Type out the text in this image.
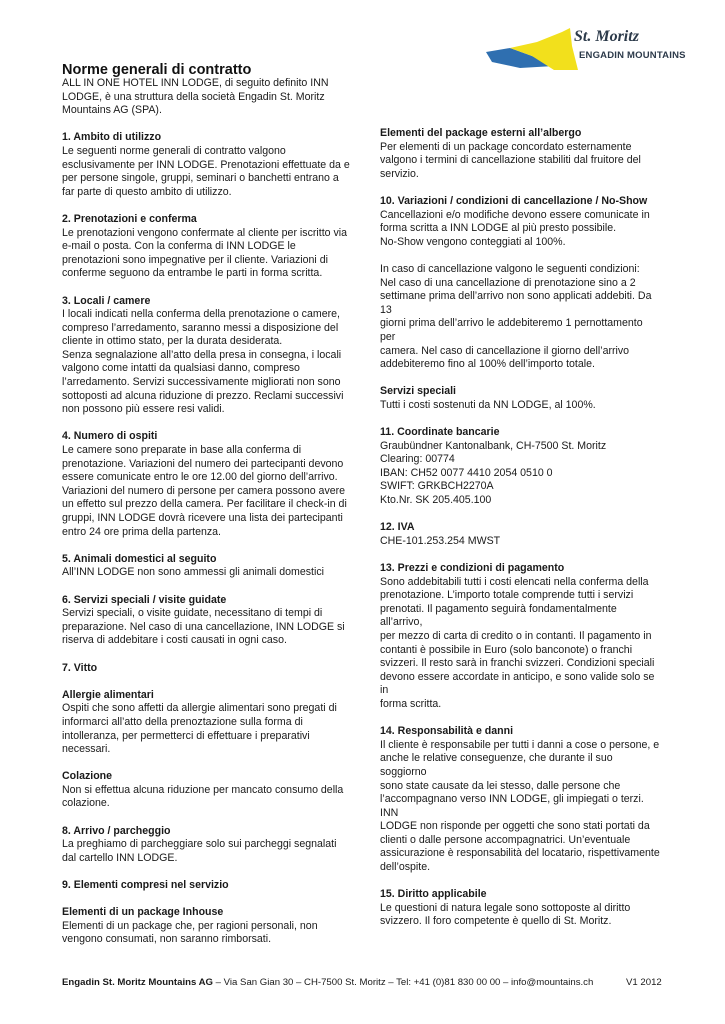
St. Moritz
ENGADIN MOUNTAINS
Norme generali di contratto
ALL IN ONE HOTEL INN LODGE, di seguito definito INN
LODGE, è una struttura della società Engadin St. Moritz
Mountains AG (SPA).
1. Ambito di utilizzo
Le seguenti norme generali di contratto valgono
esclusivamente per INN LODGE. Prenotazioni effettuate da e
per persone singole, gruppi, seminari o banchetti entrano a
far parte di questo ambito di utilizzo.
2. Prenotazioni e conferma
Le prenotazioni vengono confermate al cliente per iscritto via
e-mail o posta. Con la conferma di INN LODGE le
prenotazioni sono impegnative per il cliente. Variazioni di
conferme seguono da entrambe le parti in forma scritta.
3. Locali / camere
I locali indicati nella conferma della prenotazione o camere,
compreso l’arredamento, saranno messi a disposizione del
cliente in ottimo stato, per la durata desiderata.
Senza segnalazione all’atto della presa in consegna, i locali
valgono come intatti da qualsiasi danno, compreso
l’arredamento. Servizi successivamente migliorati non sono
sottoposti ad alcuna riduzione di prezzo. Reclami successivi
non possono più essere resi validi.
4. Numero di ospiti
Le camere sono preparate in base alla conferma di
prenotazione. Variazioni del numero dei partecipanti devono
essere comunicate entro le ore 12.00 del giorno dell’arrivo.
Variazioni del numero di persone per camera possono avere
un effetto sul prezzo della camera. Per facilitare il check-in di
gruppi, INN LODGE dovrà ricevere una lista dei partecipanti
entro 24 ore prima della partenza.
5. Animali domestici al seguito
All’INN LODGE non sono ammessi gli animali domestici
6. Servizi speciali / visite guidate
Servizi speciali, o visite guidate, necessitano di tempi di
preparazione. Nel caso di una cancellazione, INN LODGE si
riserva di addebitare i costi causati in ogni caso.
7. Vitto
Allergie alimentari
Ospiti che sono affetti da allergie alimentari sono pregati di
informarci all’atto della prenoztazione sulla forma di
intolleranza, per permetterci di effettuare i preparativi
necessari.
Colazione
Non si effettua alcuna riduzione per mancato consumo della
colazione.
8. Arrivo / parcheggio
La preghiamo di parcheggiare solo sui parcheggi segnalati
dal cartello INN LODGE.
9. Elementi compresi nel servizio
Elementi di un package Inhouse
Elementi di un package che, per ragioni personali, non
vengono consumati, non saranno rimborsati.
Elementi del package esterni all’albergo
Per elementi di un package concordato esternamente
valgono i termini di cancellazione stabiliti dal fruitore del
servizio.
10. Variazioni / condizioni di cancellazione / No-Show
Cancellazioni e/o modifiche devono essere comunicate in
forma scritta a INN LODGE al più presto possibile.
No-Show vengono conteggiati al 100%.
In caso di cancellazione valgono le seguenti condizioni:
Nel caso di una cancellazione di prenotazione sino a 2
settimane prima dell’arrivo non sono applicati addebiti. Da 13
giorni prima dell’arrivo le addebiteremo 1 pernottamento per
camera. Nel caso di cancellazione il giorno dell’arrivo
addebiteremo fino al 100% dell’importo totale.
Servizi speciali
Tutti i costi sostenuti da NN LODGE, al 100%.
11. Coordinate bancarie
Graubündner Kantonalbank, CH-7500 St. Moritz
Clearing: 00774
IBAN: CH52 0077 4410 2054 0510 0
SWIFT: GRKBCH2270A
Kto.Nr. SK 205.405.100
12. IVA
CHE-101.253.254 MWST
13. Prezzi e condizioni di pagamento
Sono addebitabili tutti i costi elencati nella conferma della
prenotazione. L’importo totale comprende tutti i servizi
prenotati. Il pagamento seguirà fondamentalmente all’arrivo,
per mezzo di carta di credito o in contanti. Il pagamento in
contanti è possibile in Euro (solo banconote) o franchi
svizzeri. Il resto sarà in franchi svizzeri. Condizioni speciali
devono essere accordate in anticipo, e sono valide solo se in
forma scritta.
14. Responsabilità e danni
Il cliente è responsabile per tutti i danni a cose o persone, e
anche le relative conseguenze, che durante il suo soggiorno
sono state causate da lei stesso, dalle persone che
l’accompagnano verso INN LODGE, gli impiegati o terzi. INN
LODGE non risponde per oggetti che sono stati portati da
clienti o dalle persone accompagnatrici. Un’eventuale
assicurazione è responsabilità del locatario, rispettivamente
dell’ospite.
15. Diritto applicabile
Le questioni di natura legale sono sottoposte al diritto
svizzero. Il foro competente è quello di St. Moritz.
Engadin St. Moritz Mountains AG – Via San Gian 30 – CH-7500 St. Moritz – Tel: +41 (0)81 830 00 00 – info@mountains.ch	V1 2012
